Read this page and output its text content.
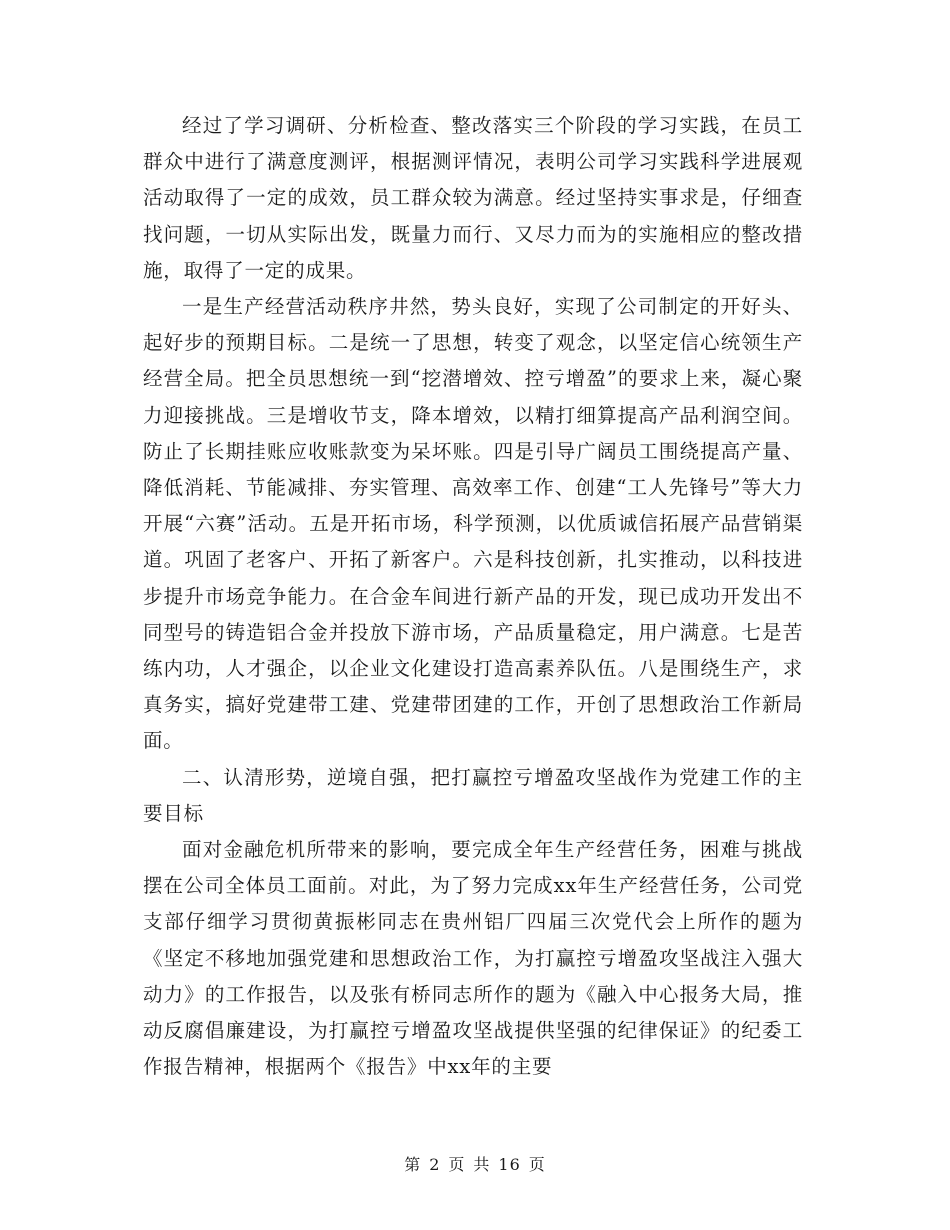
经过了学习调研、分析检查、整改落实三个阶段的学习实践，在员工群众中进行了满意度测评，根据测评情况，表明公司学习实践科学进展观活动取得了一定的成效，员工群众较为满意。经过坚持实事求是，仔细查找问题，一切从实际出发，既量力而行、又尽力而为的实施相应的整改措施，取得了一定的成果。

一是生产经营活动秩序井然，势头良好，实现了公司制定的开好头、起好步的预期目标。二是统一了思想，转变了观念，以坚定信心统领生产经营全局。把全员思想统一到“挖潜增效、控亏增盈”的要求上来，凝心聚力迎接挑战。三是增收节支，降本增效，以精打细算提高产品利润空间。防止了长期挂账应收账款变为呆坏账。四是引导广阔员工围绕提高产量、降低消耗、节能减排、夯实管理、高效率工作、创建“工人先锋号”等大力开展“六赛”活动。五是开拓市场，科学预测，以优质诚信拓展产品营销渠道。巩固了老客户、开拓了新客户。六是科技创新，扎实推动，以科技进步提升市场竞争能力。在合金车间进行新产品的开发，现已成功开发出不同型号的铸造铝合金并投放下游市场，产品质量稳定，用户满意。七是苦练内功，人才强企，以企业文化建设打造高素养队伍。八是围绕生产，求真务实，搞好党建带工建、党建带团建的工作，开创了思想政治工作新局面。

二、认清形势，逆境自强，把打赢控亏增盈攻坚战作为党建工作的主要目标

面对金融危机所带来的影响，要完成全年生产经营任务，困难与挑战摆在公司全体员工面前。对此，为了努力完成xx年生产经营任务，公司党支部仔细学习贯彻黄振彬同志在贵州铝厂四届三次党代会上所作的题为《坚定不移地加强党建和思想政治工作，为打赢控亏增盈攻坚战注入强大动力》的工作报告，以及张有桥同志所作的题为《融入中心报务大局，推动反腐倡廉建设，为打赢控亏增盈攻坚战提供坚强的纪律保证》的纪委工作报告精神，根据两个《报告》中xx年的主要

第 2 页 共 16 页
